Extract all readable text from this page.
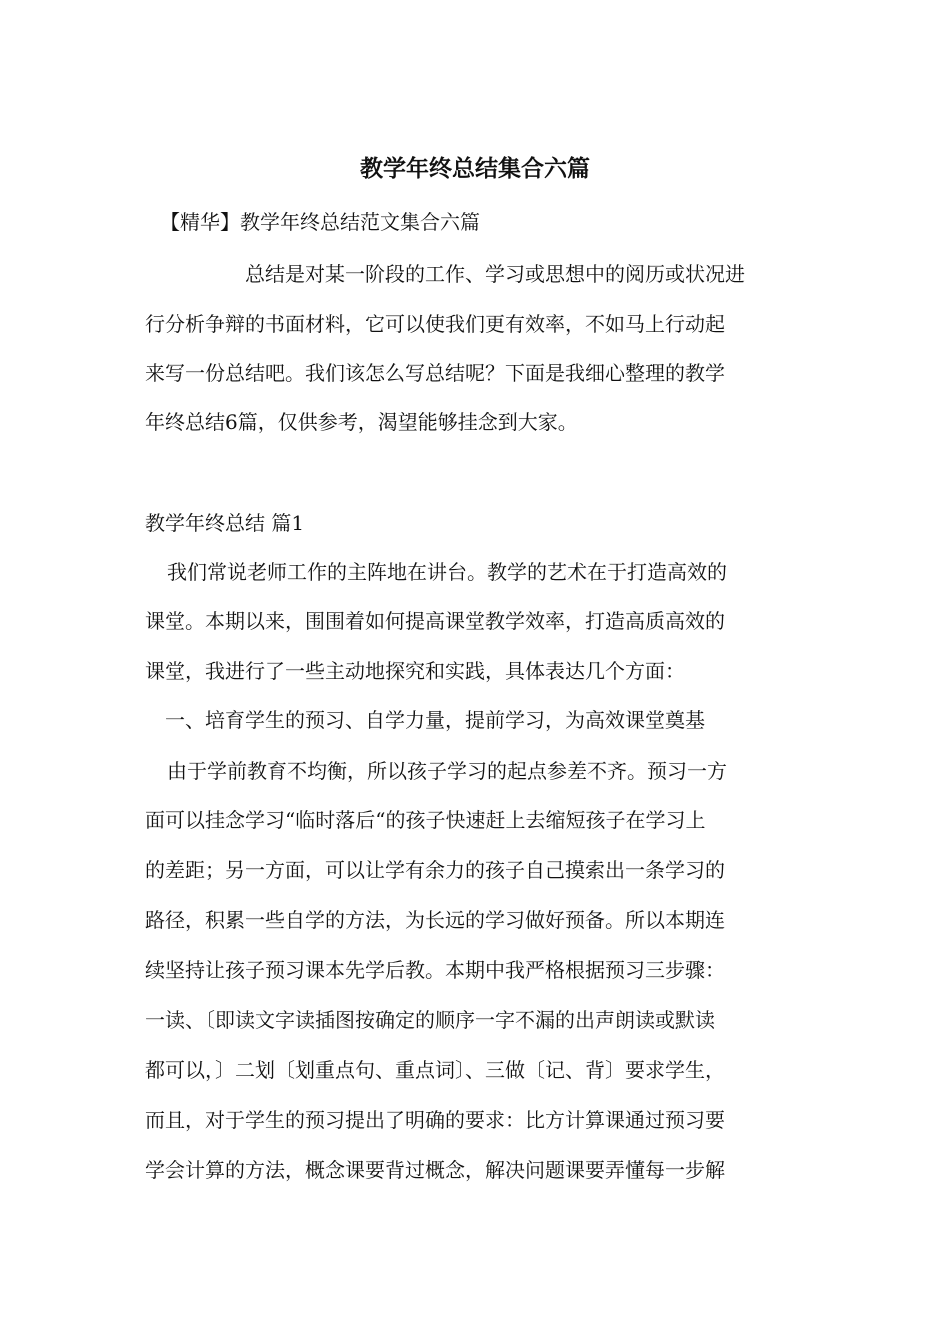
教学年终总结集合六篇
【精华】教学年终总结范文集合六篇
总结是对某一阶段的工作、学习或思想中的阅历或状况进
行分析争辩的书面材料，它可以使我们更有效率，不如马上行动起
来写一份总结吧。我们该怎么写总结呢？下面是我细心整理的教学
年终总结6篇，仅供参考，渴望能够挂念到大家。
教学年终总结 篇1
我们常说老师工作的主阵地在讲台。教学的艺术在于打造高效的
课堂。本期以来，围围着如何提高课堂教学效率，打造高质高效的
课堂，我进行了一些主动地探究和实践，具体表达几个方面：
一、培育学生的预习、自学力量，提前学习，为高效课堂奠基
由于学前教育不均衡，所以孩子学习的起点参差不齐。预习一方
面可以挂念学习“临时落后“的孩子快速赶上去缩短孩子在学习上
的差距；另一方面，可以让学有余力的孩子自己摸索出一条学习的
路径，积累一些自学的方法，为长远的学习做好预备。所以本期连
续坚持让孩子预习课本先学后教。本期中我严格根据预习三步骤：
一读、〔即读文字读插图按确定的顺序一字不漏的出声朗读或默读
都可以，〕二划〔划重点句、重点词〕、三做〔记、背〕要求学生，
而且，对于学生的预习提出了明确的要求：比方计算课通过预习要
学会计算的方法，概念课要背过概念，解决问题课要弄懂每一步解
